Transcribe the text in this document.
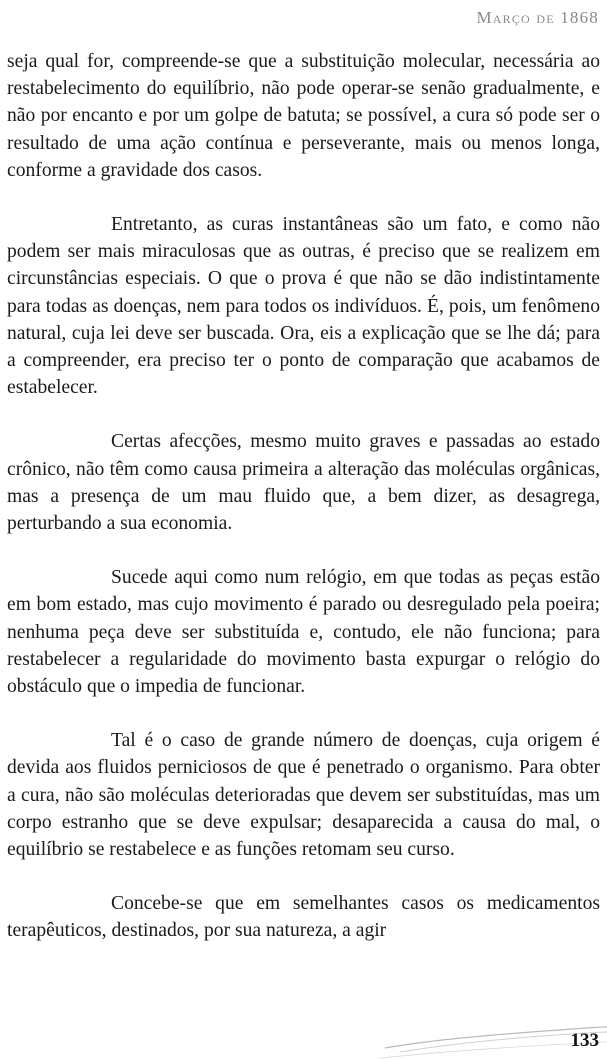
Março de 1868

seja qual for, compreende-se que a substituição molecular, necessária ao restabelecimento do equilíbrio, não pode operar-se senão gradualmente, e não por encanto e por um golpe de batuta; se possível, a cura só pode ser o resultado de uma ação contínua e perseverante, mais ou menos longa, conforme a gravidade dos casos.

Entretanto, as curas instantâneas são um fato, e como não podem ser mais miraculosas que as outras, é preciso que se realizem em circunstâncias especiais. O que o prova é que não se dão indistintamente para todas as doenças, nem para todos os indivíduos. É, pois, um fenômeno natural, cuja lei deve ser buscada. Ora, eis a explicação que se lhe dá; para a compreender, era preciso ter o ponto de comparação que acabamos de estabelecer.

Certas afecções, mesmo muito graves e passadas ao estado crônico, não têm como causa primeira a alteração das moléculas orgânicas, mas a presença de um mau fluido que, a bem dizer, as desagrega, perturbando a sua economia.

Sucede aqui como num relógio, em que todas as peças estão em bom estado, mas cujo movimento é parado ou desregulado pela poeira; nenhuma peça deve ser substituída e, contudo, ele não funciona; para restabelecer a regularidade do movimento basta expurgar o relógio do obstáculo que o impedia de funcionar.

Tal é o caso de grande número de doenças, cuja origem é devida aos fluidos perniciosos de que é penetrado o organismo. Para obter a cura, não são moléculas deterioradas que devem ser substituídas, mas um corpo estranho que se deve expulsar; desaparecida a causa do mal, o equilíbrio se restabelece e as funções retomam seu curso.

Concebe-se que em semelhantes casos os medicamentos terapêuticos, destinados, por sua natureza, a agir

133
